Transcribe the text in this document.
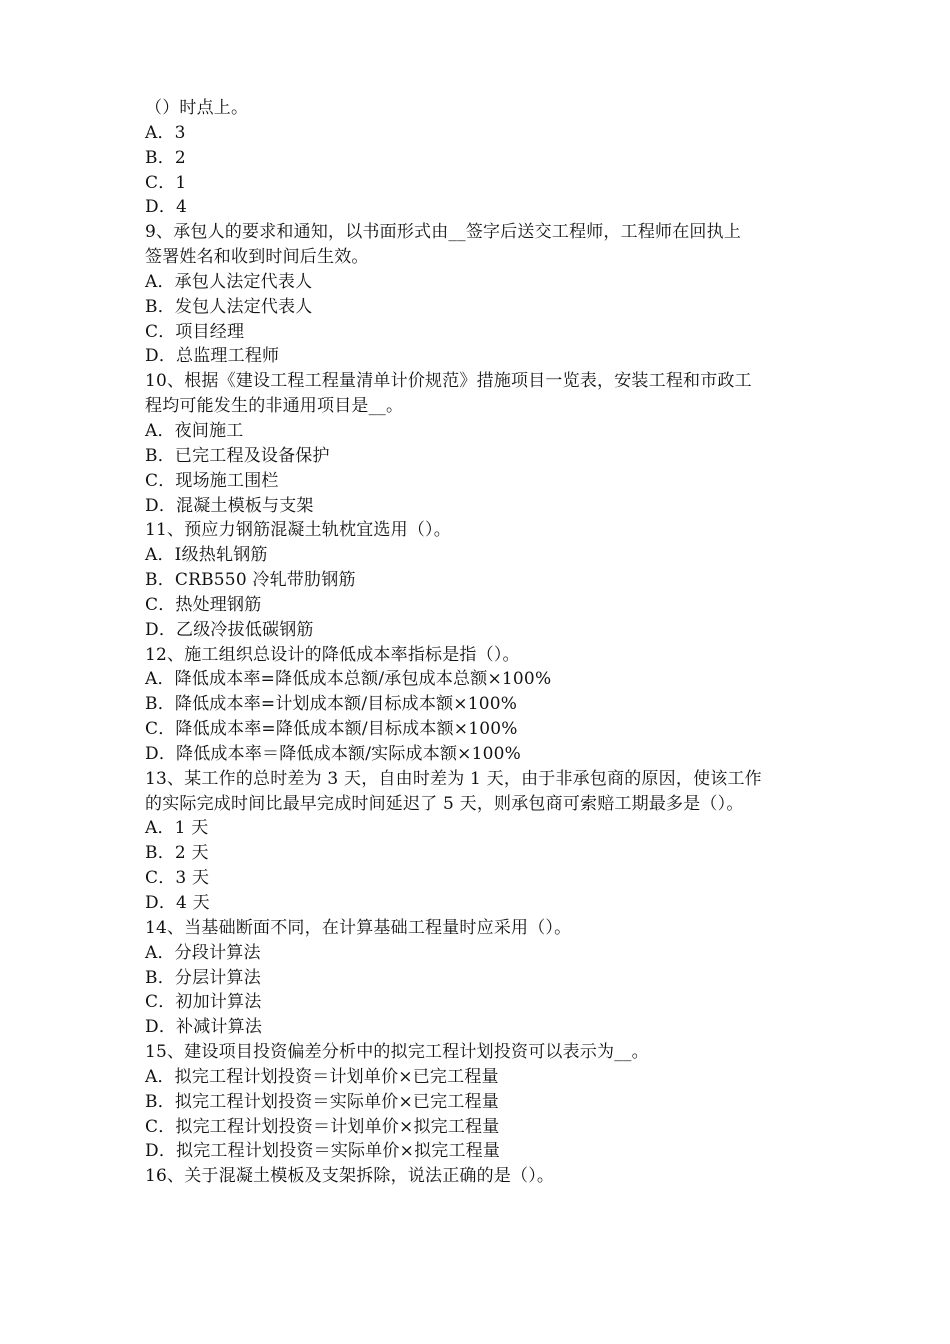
（）时点上。
A．3
B．2
C．1
D．4
9、承包人的要求和通知，以书面形式由__签字后送交工程师，工程师在回执上
签署姓名和收到时间后生效。
A．承包人法定代表人
B．发包人法定代表人
C．项目经理
D．总监理工程师
10、根据《建设工程工程量清单计价规范》措施项目一览表，安装工程和市政工
程均可能发生的非通用项目是__。
A．夜间施工
B．已完工程及设备保护
C．现场施工围栏
D．混凝土模板与支架
11、预应力钢筋混凝土轨枕宜选用（）。
A．Ⅰ级热轧钢筋
B．CRB550 冷轧带肋钢筋
C．热处理钢筋
D．乙级冷拔低碳钢筋
12、施工组织总设计的降低成本率指标是指（）。
A．降低成本率=降低成本总额/承包成本总额×100%
B．降低成本率=计划成本额/目标成本额×100%
C．降低成本率=降低成本额/目标成本额×100%
D．降低成本率＝降低成本额/实际成本额×100%
13、某工作的总时差为 3 天，自由时差为 1 天，由于非承包商的原因，使该工作
的实际完成时间比最早完成时间延迟了 5 天，则承包商可索赔工期最多是（）。
A．1 天
B．2 天
C．3 天
D．4 天
14、当基础断面不同，在计算基础工程量时应采用（）。
A．分段计算法
B．分层计算法
C．初加计算法
D．补减计算法
15、建设项目投资偏差分析中的拟完工程计划投资可以表示为__。
A．拟完工程计划投资＝计划单价×已完工程量
B．拟完工程计划投资＝实际单价×已完工程量
C．拟完工程计划投资＝计划单价×拟完工程量
D．拟完工程计划投资＝实际单价×拟完工程量
16、关于混凝土模板及支架拆除，说法正确的是（）。
